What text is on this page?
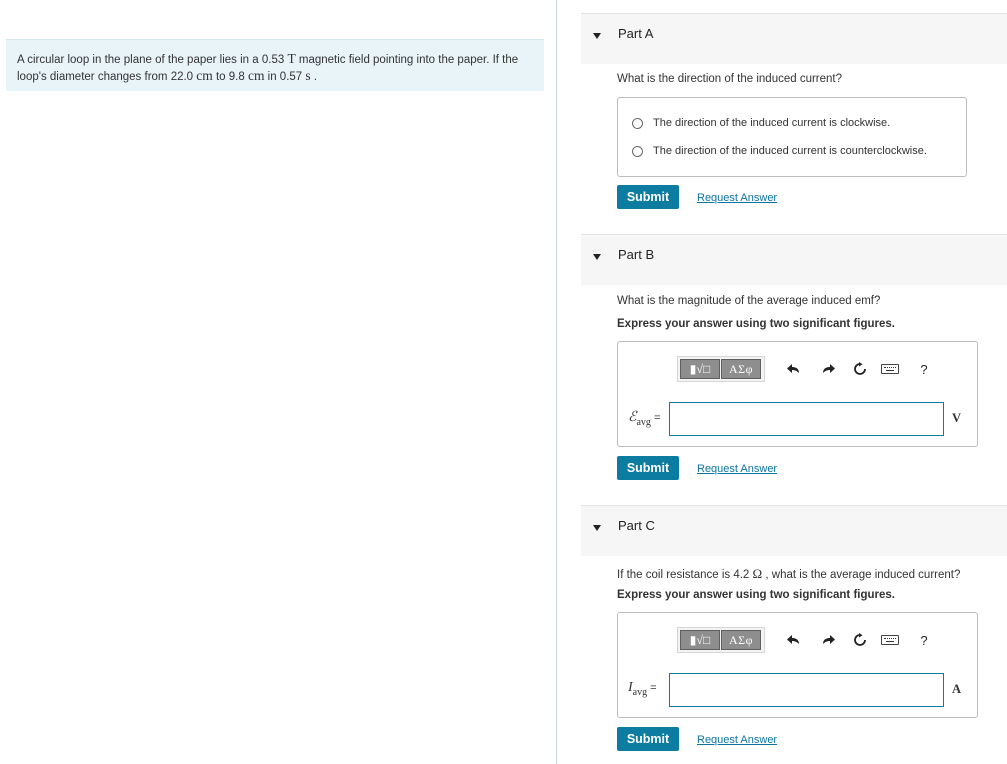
A circular loop in the plane of the paper lies in a 0.53 T magnetic field pointing into the paper. If the loop's diameter changes from 22.0 cm to 9.8 cm in 0.57 s .
Part A
What is the direction of the induced current?
The direction of the induced current is clockwise.
The direction of the induced current is counterclockwise.
Submit	Request Answer
Part B
What is the magnitude of the average induced emf?
Express your answer using two significant figures.
▮√□	ΑΣφ	?
ℰ$_{avg}$ =	V
Submit	Request Answer
Part C
If the coil resistance is 4.2 Ω , what is the average induced current?
Express your answer using two significant figures.
▮√□	ΑΣφ	?
$I_{avg}$ =	A
Submit	Request Answer
